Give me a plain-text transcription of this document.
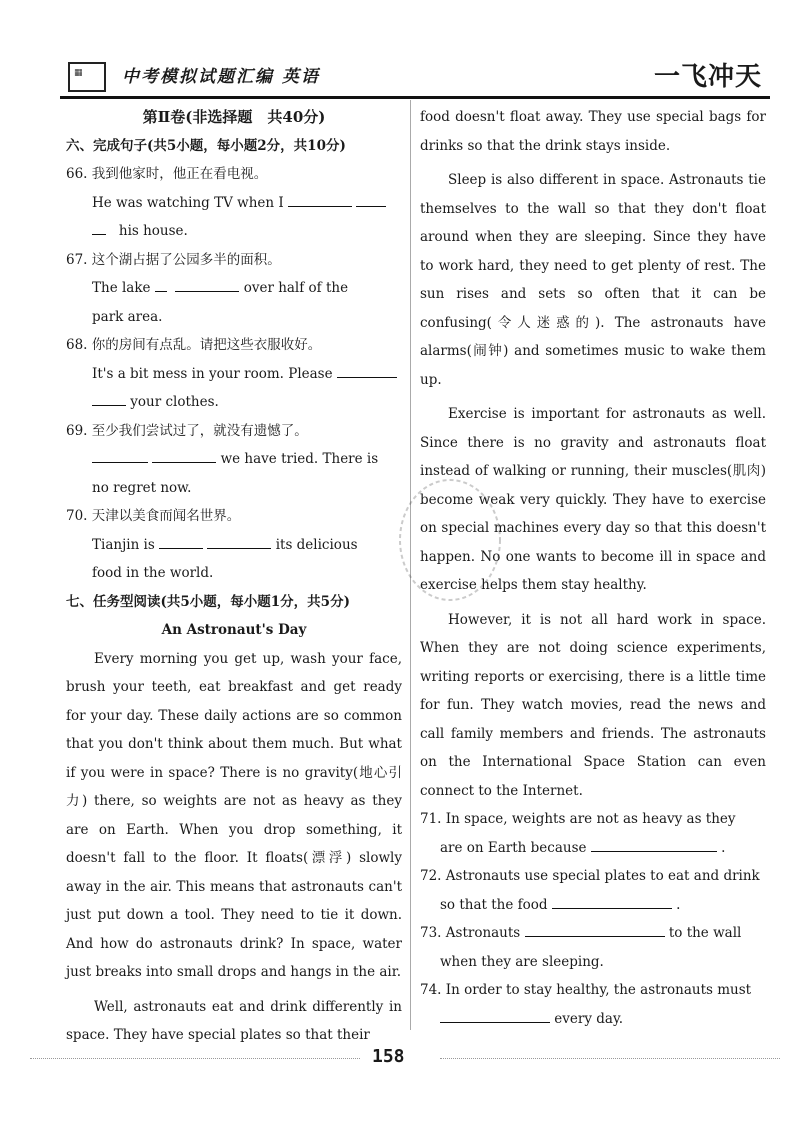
▦ 中考模拟试题汇编 英语	一飞冲天

第Ⅱ卷(非选择题　共40分)

六、完成句子(共5小题，每小题2分，共10分)

66. 我到他家时，他正在看电视。

He was watching TV when I

his house.

67. 这个湖占据了公园多半的面积。

The lake	over half of the

park area.

68. 你的房间有点乱。请把这些衣服收好。

It's a bit mess in your room. Please

your clothes.

69. 至少我们尝试过了，就没有遗憾了。

we have tried. There is

no regret now.

70. 天津以美食而闻名世界。

Tianjin is	its delicious

food in the world.

七、任务型阅读(共5小题，每小题1分，共5分)

An Astronaut's Day

Every morning you get up, wash your face, brush your teeth, eat breakfast and get ready for your day. These daily actions are so common that you don't think about them much. But what if you were in space? There is no gravity(地心引力) there, so weights are not as heavy as they are on Earth. When you drop something, it doesn't fall to the floor. It floats(漂浮) slowly away in the air. This means that astronauts can't just put down a tool. They need to tie it down. And how do astronauts drink? In space, water just breaks into small drops and hangs in the air.

Well, astronauts eat and drink differently in space. They have special plates so that their

food doesn't float away. They use special bags for drinks so that the drink stays inside.

Sleep is also different in space. Astronauts tie themselves to the wall so that they don't float around when they are sleeping. Since they have to work hard, they need to get plenty of rest. The sun rises and sets so often that it can be confusing(令人迷惑的). The astronauts have alarms(闹钟) and sometimes music to wake them up.

Exercise is important for astronauts as well. Since there is no gravity and astronauts float instead of walking or running, their muscles(肌肉) become weak very quickly. They have to exercise on special machines every day so that this doesn't happen. No one wants to become ill in space and exercise helps them stay healthy.

However, it is not all hard work in space. When they are not doing science experiments, writing reports or exercising, there is a little time for fun. They watch movies, read the news and call family members and friends. The astronauts on the International Space Station can even connect to the Internet.

71. In space, weights are not as heavy as they

are on Earth because	.

72. Astronauts use special plates to eat and drink

so that the food	.

73. Astronauts	to the wall

when they are sleeping.

74. In order to stay healthy, the astronauts must

every day.

158
